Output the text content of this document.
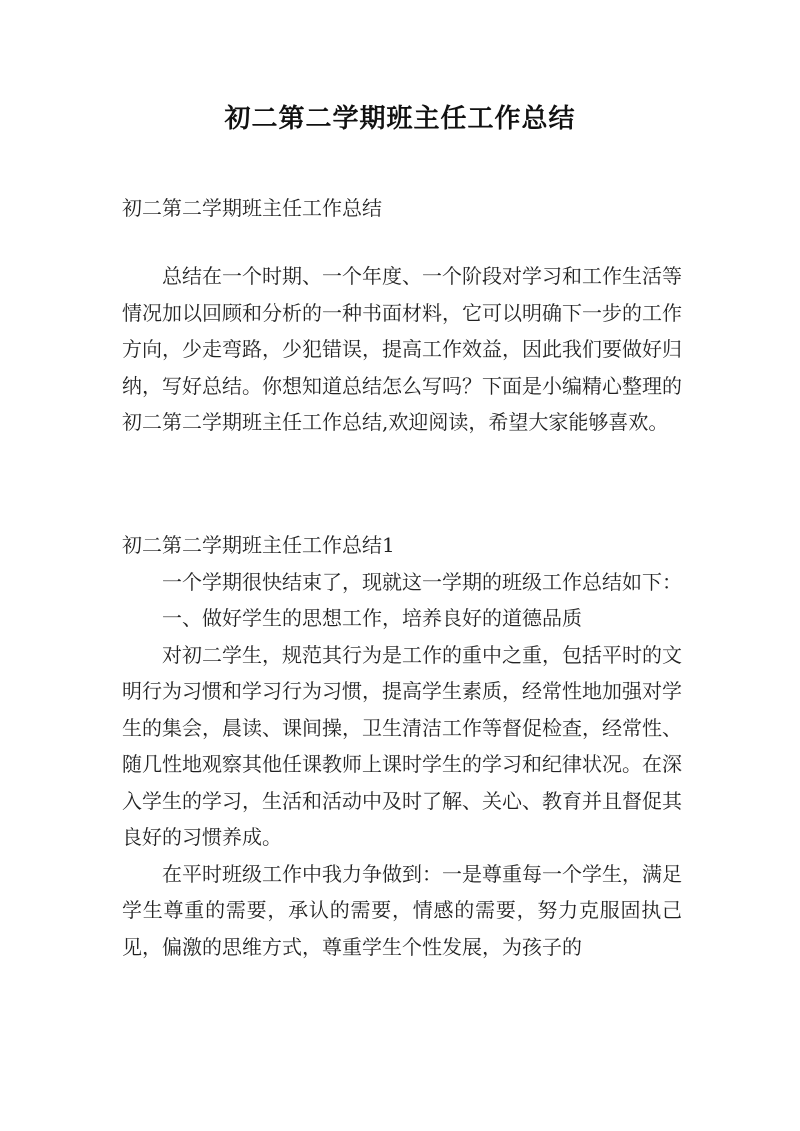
初二第二学期班主任工作总结

初二第二学期班主任工作总结

总结在一个时期、一个年度、一个阶段对学习和工作生活等情况加以回顾和分析的一种书面材料，它可以明确下一步的工作方向，少走弯路，少犯错误，提高工作效益，因此我们要做好归纳，写好总结。你想知道总结怎么写吗？下面是小编精心整理的初二第二学期班主任工作总结,欢迎阅读，希望大家能够喜欢。

初二第二学期班主任工作总结1

一个学期很快结束了，现就这一学期的班级工作总结如下：

一、做好学生的思想工作，培养良好的道德品质

对初二学生，规范其行为是工作的重中之重，包括平时的文明行为习惯和学习行为习惯，提高学生素质，经常性地加强对学生的集会，晨读、课间操，卫生清洁工作等督促检查，经常性、随几性地观察其他任课教师上课时学生的学习和纪律状况。在深入学生的学习，生活和活动中及时了解、关心、教育并且督促其良好的习惯养成。

在平时班级工作中我力争做到：一是尊重每一个学生，满足学生尊重的需要，承认的需要，情感的需要，努力克服固执己见，偏激的思维方式，尊重学生个性发展，为孩子的
